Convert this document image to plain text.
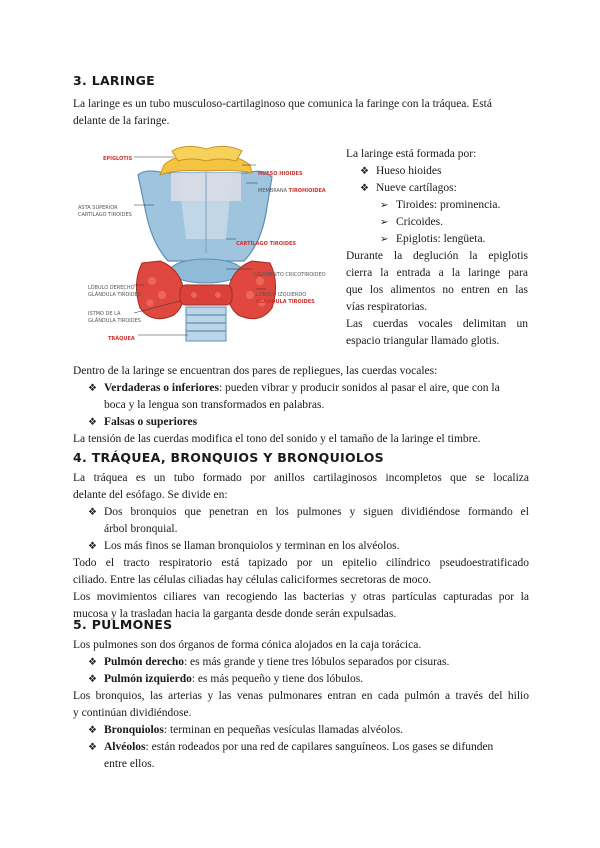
3. LARINGE
La laringe es un tubo musculoso-cartilaginoso que comunica la faringe con la tráquea. Está
delante de la faringe.
EPIGLOTIS
HUESO HIOIDES
MEMBRANA TIROHIOIDEA
ASTA SUPERIOR
CARTÍLAGO TIROIDES
CARTÍLAGO TIROIDES
LIGAMENTO CRICOTIROIDEO
LÓBULO DERECHO
GLÁNDULA TIROIDES	LÓBULO IZQUIERDO
GLÁNDULA TIROIDES
ISTMO DE LA
GLÁNDULA TIROIDES
TRÁQUEA
La laringe está formada por:
❖ Hueso hioides
❖ Nueve cartílagos:
➢ Tiroides: prominencia.
➢ Cricoides.
➢ Epiglotis: lengüeta.
Durante la deglución la epiglotis
cierra la entrada a la laringe para
que los alimentos no entren en las
vías respiratorias.
Las cuerdas vocales delimitan un
espacio triangular llamado glotis.
Dentro de la laringe se encuentran dos pares de repliegues, las cuerdas vocales:
❖ Verdaderas o inferiores: pueden vibrar y producir sonidos al pasar el aire, que con la
boca y la lengua son transformados en palabras.
❖ Falsas o superiores
La tensión de las cuerdas modifica el tono del sonido y el tamaño de la laringe el timbre.
4. TRÁQUEA, BRONQUIOS Y BRONQUIOLOS
La tráquea es un tubo formado por anillos cartilaginosos incompletos que se localiza
delante del esófago. Se divide en:
❖ Dos bronquios que penetran en los pulmones y siguen dividiéndose formando el
árbol bronquial.
❖ Los más finos se llaman bronquiolos y terminan en los alvéolos.
Todo el tracto respiratorio está tapizado por un epitelio cilíndrico pseudoestratificado
ciliado. Entre las células ciliadas hay células caliciformes secretoras de moco.
Los movimientos ciliares van recogiendo las bacterias y otras partículas capturadas por la
mucosa y la trasladan hacia la garganta desde donde serán expulsadas.
5. PULMONES
Los pulmones son dos órganos de forma cónica alojados en la caja torácica.
❖ Pulmón derecho: es más grande y tiene tres lóbulos separados por cisuras.
❖ Pulmón izquierdo: es más pequeño y tiene dos lóbulos.
Los bronquios, las arterias y las venas pulmonares entran en cada pulmón a través del hilio
y continúan dividiéndose.
❖ Bronquiolos: terminan en pequeñas vesículas llamadas alvéolos.
❖ Alvéolos: están rodeados por una red de capilares sanguíneos. Los gases se difunden
entre ellos.
